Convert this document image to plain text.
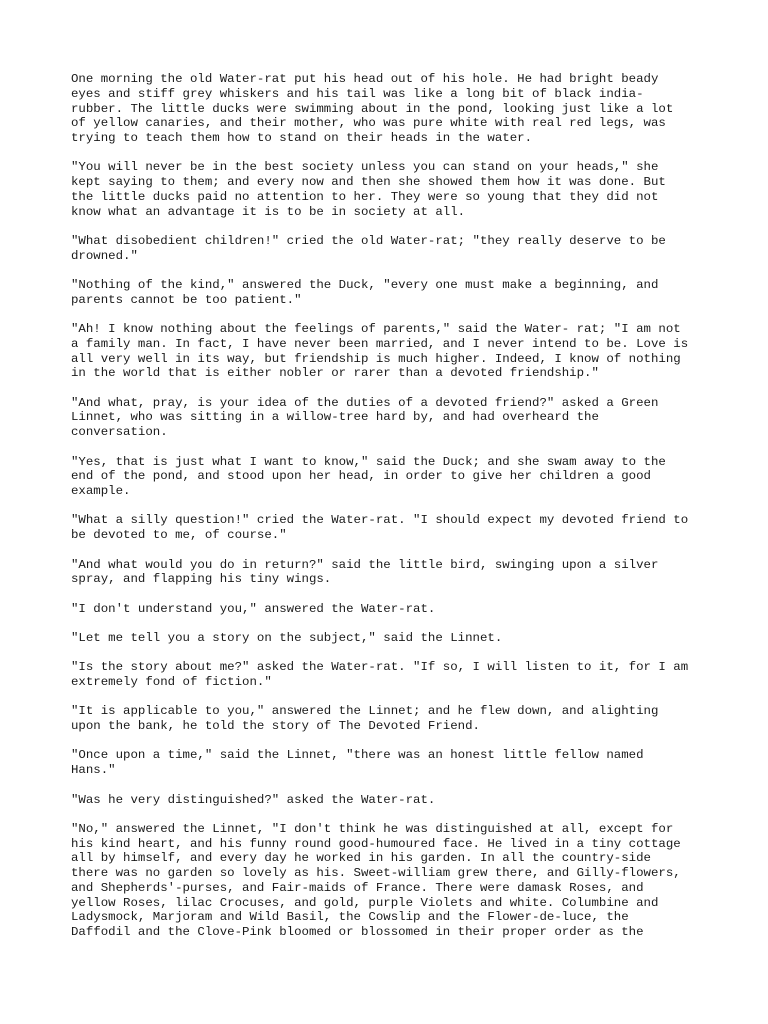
One morning the old Water-rat put his head out of his hole. He had bright beady
eyes and stiff grey whiskers and his tail was like a long bit of black india-
rubber. The little ducks were swimming about in the pond, looking just like a lot
of yellow canaries, and their mother, who was pure white with real red legs, was
trying to teach them how to stand on their heads in the water.

"You will never be in the best society unless you can stand on your heads," she
kept saying to them; and every now and then she showed them how it was done. But
the little ducks paid no attention to her. They were so young that they did not
know what an advantage it is to be in society at all.

"What disobedient children!" cried the old Water-rat; "they really deserve to be
drowned."

"Nothing of the kind," answered the Duck, "every one must make a beginning, and
parents cannot be too patient."

"Ah! I know nothing about the feelings of parents," said the Water- rat; "I am not
a family man. In fact, I have never been married, and I never intend to be. Love is
all very well in its way, but friendship is much higher. Indeed, I know of nothing
in the world that is either nobler or rarer than a devoted friendship."

"And what, pray, is your idea of the duties of a devoted friend?" asked a Green
Linnet, who was sitting in a willow-tree hard by, and had overheard the
conversation.

"Yes, that is just what I want to know," said the Duck; and she swam away to the
end of the pond, and stood upon her head, in order to give her children a good
example.

"What a silly question!" cried the Water-rat. "I should expect my devoted friend to
be devoted to me, of course."

"And what would you do in return?" said the little bird, swinging upon a silver
spray, and flapping his tiny wings.

"I don't understand you," answered the Water-rat.

"Let me tell you a story on the subject," said the Linnet.

"Is the story about me?" asked the Water-rat. "If so, I will listen to it, for I am
extremely fond of fiction."

"It is applicable to you," answered the Linnet; and he flew down, and alighting
upon the bank, he told the story of The Devoted Friend.

"Once upon a time," said the Linnet, "there was an honest little fellow named
Hans."

"Was he very distinguished?" asked the Water-rat.

"No," answered the Linnet, "I don't think he was distinguished at all, except for
his kind heart, and his funny round good-humoured face. He lived in a tiny cottage
all by himself, and every day he worked in his garden. In all the country-side
there was no garden so lovely as his. Sweet-william grew there, and Gilly-flowers,
and Shepherds'-purses, and Fair-maids of France. There were damask Roses, and
yellow Roses, lilac Crocuses, and gold, purple Violets and white. Columbine and
Ladysmock, Marjoram and Wild Basil, the Cowslip and the Flower-de-luce, the
Daffodil and the Clove-Pink bloomed or blossomed in their proper order as the
